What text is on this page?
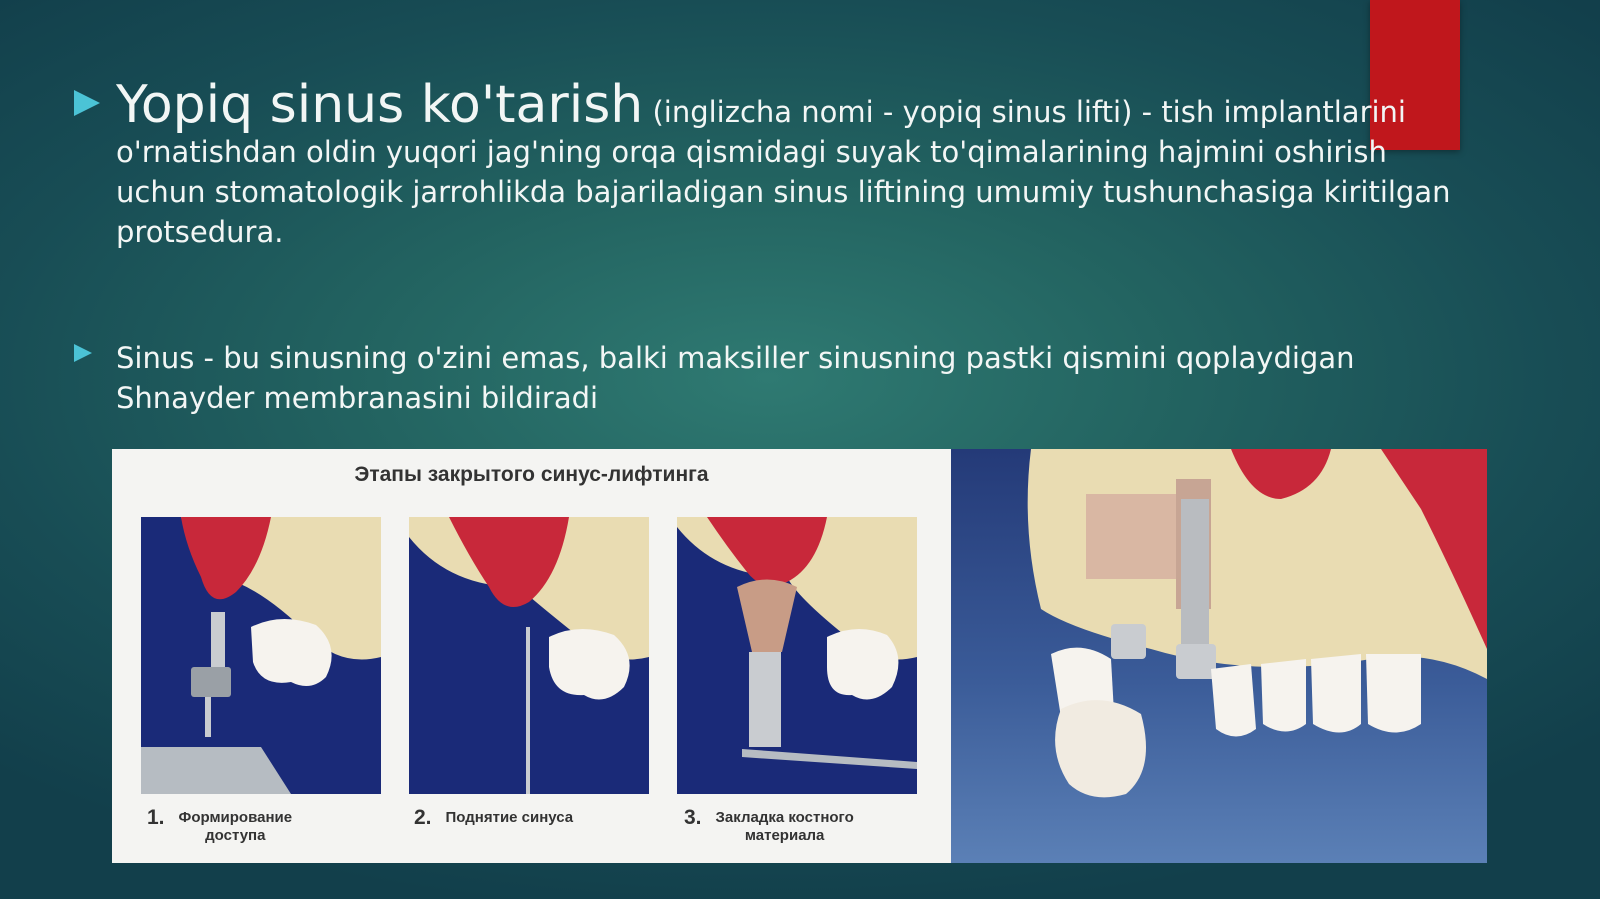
Yopiq sinus ko'tarish (inglizcha nomi - yopiq sinus lifti) - tish implantlarini o'rnatishdan oldin yuqori jag'ning orqa qismidagi suyak to'qimalarining hajmini oshirish uchun stomatologik jarrohlikda bajariladigan sinus liftining umumiy tushunchasiga kiritilgan protsedura.
Sinus - bu sinusning o'zini emas, balki maksiller sinusning pastki qismini qoplaydigan Shnayder membranasini bildiradi
Этапы закрытого синус-лифтинга
1. Формирование
доступа
2. Поднятие синуса	3. Закладка костного
материала
